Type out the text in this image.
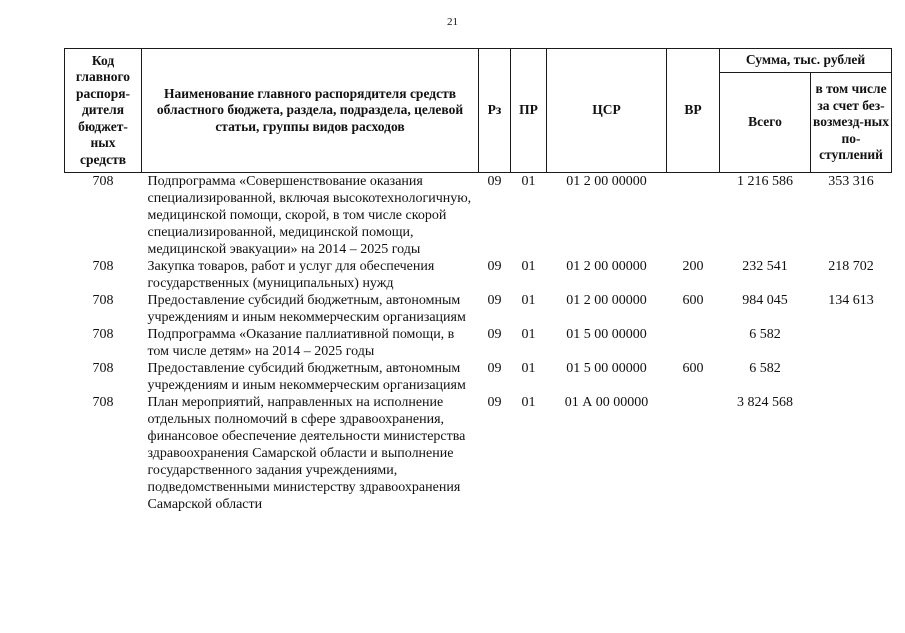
21
Код главного распоря-дителя бюджет-ных средств	Наименование главного распорядителя средств областного бюджета, раздела, подраздела, целевой статьи, группы видов расходов	Рз	ПР	ЦСР	ВР	Сумма, тыс. рублей	
						Всего	в том числе за счет без-возмезд-ных по-ступлений
708	Подпрограмма «Совершенствование оказания специализированной, включая высокотехнологичную, медицинской помощи, скорой, в том числе скорой специализированной, медицинской помощи, медицинской эвакуации» на 2014 – 2025 годы	09	01	01 2 00 00000		1 216 586	353 316
708	Закупка товаров, работ и услуг для обеспечения государственных (муниципальных) нужд	09	01	01 2 00 00000	200	232 541	218 702
708	Предоставление субсидий бюджетным, автономным учреждениям и иным некоммерческим организациям	09	01	01 2 00 00000	600	984 045	134 613
708	Подпрограмма «Оказание паллиативной помощи, в том числе детям» на 2014 – 2025 годы	09	01	01 5 00 00000		6 582	
708	Предоставление субсидий бюджетным, автономным учреждениям и иным некоммерческим организациям	09	01	01 5 00 00000	600	6 582	
708	План мероприятий, направленных на исполнение отдельных полномочий в сфере здравоохранения, финансовое обеспечение деятельности министерства здравоохранения Самарской области и выполнение государственного задания учреждениями, подведомственными министерству здравоохранения Самарской области	09	01	01 А 00 00000		3 824 568	
